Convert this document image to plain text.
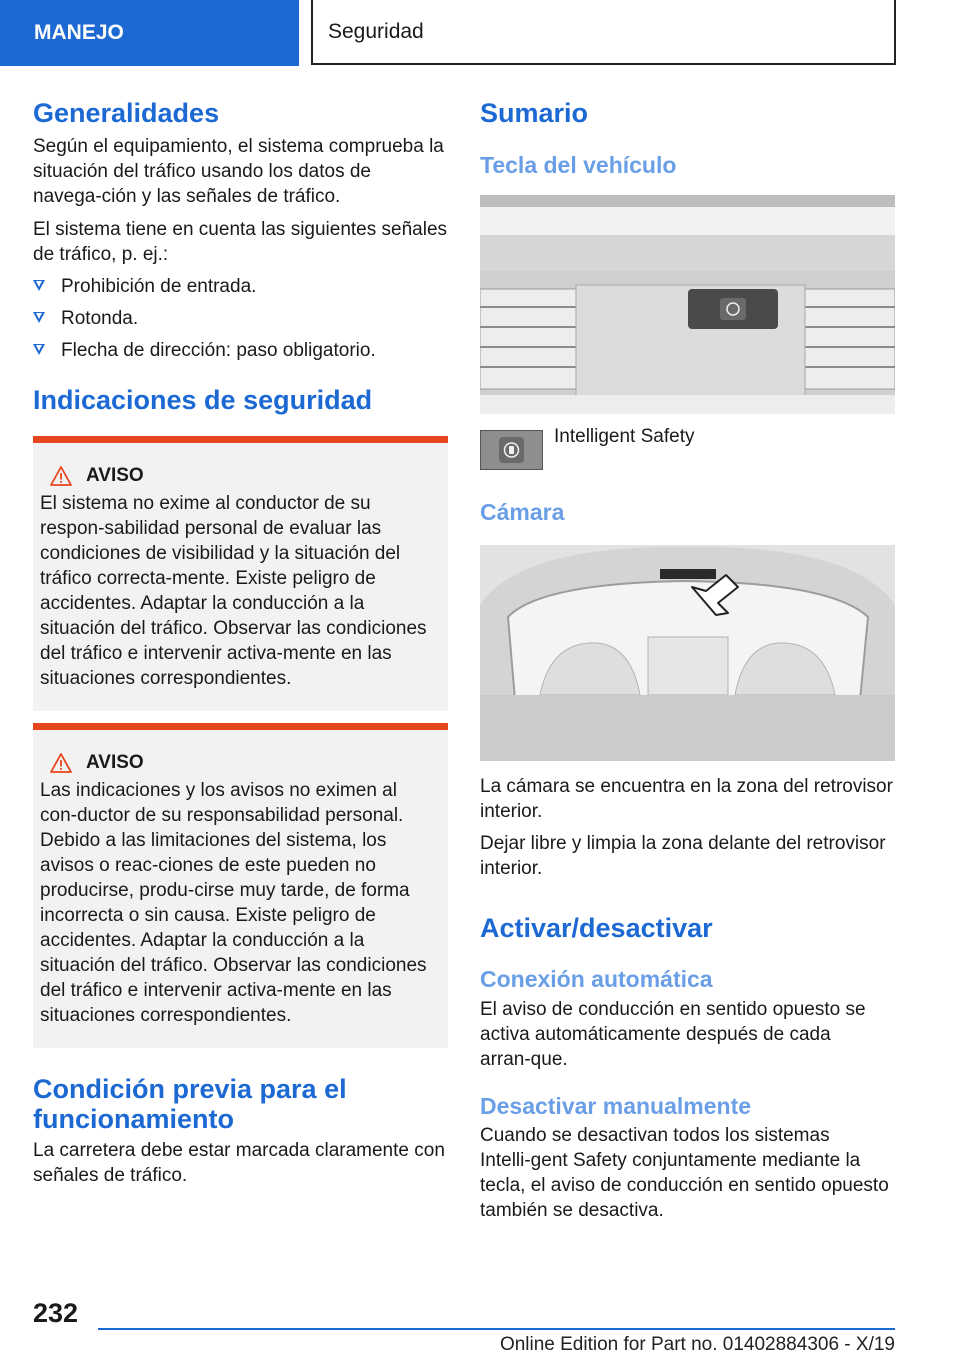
MANEJO	Seguridad
Generalidades

Según el equipamiento, el sistema comprueba la situación del tráfico usando los datos de navega‑ción y las señales de tráfico.

El sistema tiene en cuenta las siguientes señales de tráfico, p. ej.:

Prohibición de entrada.
Rotonda.
Flecha de dirección: paso obligatorio.
Indicaciones de seguridad
AVISO

El sistema no exime al conductor de su respon‑sabilidad personal de evaluar las condiciones de visibilidad y la situación del tráfico correcta‑mente. Existe peligro de accidentes. Adaptar la conducción a la situación del tráfico. Observar las condiciones del tráfico e intervenir activa‑mente en las situaciones correspondientes.

AVISO

Las indicaciones y los avisos no eximen al con‑ductor de su responsabilidad personal. Debido a las limitaciones del sistema, los avisos o reac‑ciones de este pueden no producirse, produ‑cirse muy tarde, de forma incorrecta o sin causa. Existe peligro de accidentes. Adaptar la conducción a la situación del tráfico. Observar las condiciones del tráfico e intervenir activa‑mente en las situaciones correspondientes.

Condición previa para el funcionamiento

La carretera debe estar marcada claramente con señales de tráfico.

Sumario
Tecla del vehículo

Intelligent Safety

Cámara

La cámara se encuentra en la zona del retrovisor interior.

Dejar libre y limpia la zona delante del retrovisor interior.

Activar/desactivar
Conexión automática

El aviso de conducción en sentido opuesto se activa automáticamente después de cada arran‑que.

Desactivar manualmente

Cuando se desactivan todos los sistemas Intelli‑gent Safety conjuntamente mediante la tecla, el aviso de conducción en sentido opuesto también se desactiva.

232
Online Edition for Part no. 01402884306 - X/19
